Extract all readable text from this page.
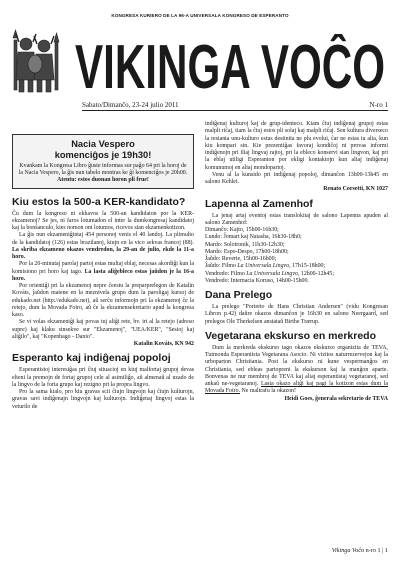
KONGRESA KURIERO DE LA 96-A UNIVERSALA KONGRESO DE ESPERANTO
VIKINGA VOĈO
Sabato/Dimanĉo, 23-24 julio 2011	N-ro 1
Nacia Vespero
komenciĝos je 19h30!

Kvankam la Kongresa Libro ĝuste informas sur paĝo 64 pri la horoj de la Nacia Vespero, la ĝis nun tabelo montras ke ĝi komenciĝos je 20h00. Atentu: estos duonan horon pli frue!

Kiu estos la 500-a KER-kandidato?

Ĉu dum la kongreso ni ekhavos la 500-an kandidaton por la KER-ekzamenoj? Se jes, ni faros lotumadon el inter la dumkongresaj kandidatoj kaj la bonŝanculo, kies nomon oni lotumos, ricevos sian ekzamenkotizon.

La ĝis nun ekzameniĝintaj 454 personoj venis el 40 landoj. La plimulto de la kandidatoj (126) estas brazilanoj, kiujn en la vico sekvas francoj (88). La skriba ekzameno okazos vendredon, la 29-an de julio, ekde la 11-a horo.

Por la 20-minutaj parolaj partoj estas multaj eblaj, necesas akordiĝi kun la komisiono pri horo kaj tago. La lasta aliĝebleco estas ĵaŭdon je la 16-a horo.

Por orientiĝi pri la ekzamenoj nepre ĉeestu la preparprelegon de Katalin Kováts, ĵaŭdon matene en la meznivela grupo dum la paroligaj kursoj de edukado.net (http://edukado.net), aŭ serĉu informojn pri la ekzamenoj ĉe la retejo, dum la Movada Foiro, aŭ ĉe la ekzamensekretario apud la kongresa kaso.

Se vi volas ekzameniĝi kaj povas tuj aliĝi rete, bv. iri al la retejo (adreso supre) kaj klaku sinsekve sur "Ekzamenoj", "UEA/KER", "Sesioj kaj aliĝilo", kaj "Kopenhago - Danio".

Katalin Kováts, KN 942

Esperanto kaj indiĝenaj popoloj

Esperantistoj interesiĝas pri ĉiuj situacioj en kiuj malfortaj grupoj devas elteni la premojn de fortaj grupoj cele al asimiliĝo, aŭ almenaŭ al uzado de la lingvo de la forta grupo kaj rezigno pri la propra lingvo.

Pro la sama kialo, pro kiu gravas scii ĉiujn lingvojn kaj ĉiujn kulturojn, gravas savi indiĝenajn lingvojn kaj kulturojn. Indiĝenaj lingvoj estas la veturilo de

indiĝenaj kulturoj kaj de grup-identeco. Kiam ĉiuj indiĝenaj grupoj estas malpli riĉaj, tiam la ĉiuj estos pli solaj kaj malpli riĉaj. Sen kultura diverseco la restanta unu-kulturo estus destinita ne plu evolui, ĉar ne estas iu alia, kun kiu kompari sin. Kie prezentiĝas favoraj kondiĉoj ni provas informi indiĝenojn pri iliaj lingvaj rajtoj, pri la ebleco konservi sian lingvon, kaj pri la eblaj utiligi Esperanton por ekligi kontaktojn kun aliaj indiĝenaj komunumoj en aliaj mondopartoj.

Venu al la kunsido pri indiĝenaj popoloj, dimanĉon 13h00-13h45 en salono Kehlet.

Renato Corsetti, KN 1027

Lapenna al Zamenhof

La jenaj artaj eventoj estas translokitaj de salono Lapenna apuden al salono Zamenhof:

Dimanĉo: Kajto, 15h00-16h30;

Lundo: Ĵomart kaj Natasha, 16h30-18h0;

Mardo: Solotronik, 11h30-12h30;

Mardo: Espo-Despo, 17h00-18h00;

Ĵaŭdo: Reverie, 15h00-16h00;

Ĵaŭdo: Filmo La Universala Lingvo, 17h15-18h00;

Vendredo: Filmo La Universala Lingvo, 12h00-12h45;

Vendredo: Internacia Koruso, 14h00-15h00.

Dana Prelego

La prelego "Portreto de Hans Christian Andersen" (vidu Kongresan Libron p.42) daŭre okazos dimanĉon je 16h30 en salono Neergaard, sed prelegos Ole Therkelsen anstataŭ Birthe Trærup.

Vegetarana ekskurso en merkredo

Dum la merkreda ekskurso tago okazos ekskurso organizita de TEVA, Tutmonda Esperantista Vegetarana Asocio. Ni vizitos naturrezervejon kaj la urboparton Christiania. Post la ekskurso ni kune vespermanĝos en Christiania, sed ebleas partopreni la ekskurson kaj la manĝon aparte. Bonvenas ne nur membroj de TEVA kaj aliaj esperantistaj vegetaranoj, sed ankaŭ ne-vegetaranoj. Lasta okazo aliĝi kaj pagi la kotizon estas dum la Movada Foiro. Ne maltrafu la okazon!

Heidi Goes, ĝenerala sekretario de TEVA

Vikinga Voĉo n-ro 1 | 1
